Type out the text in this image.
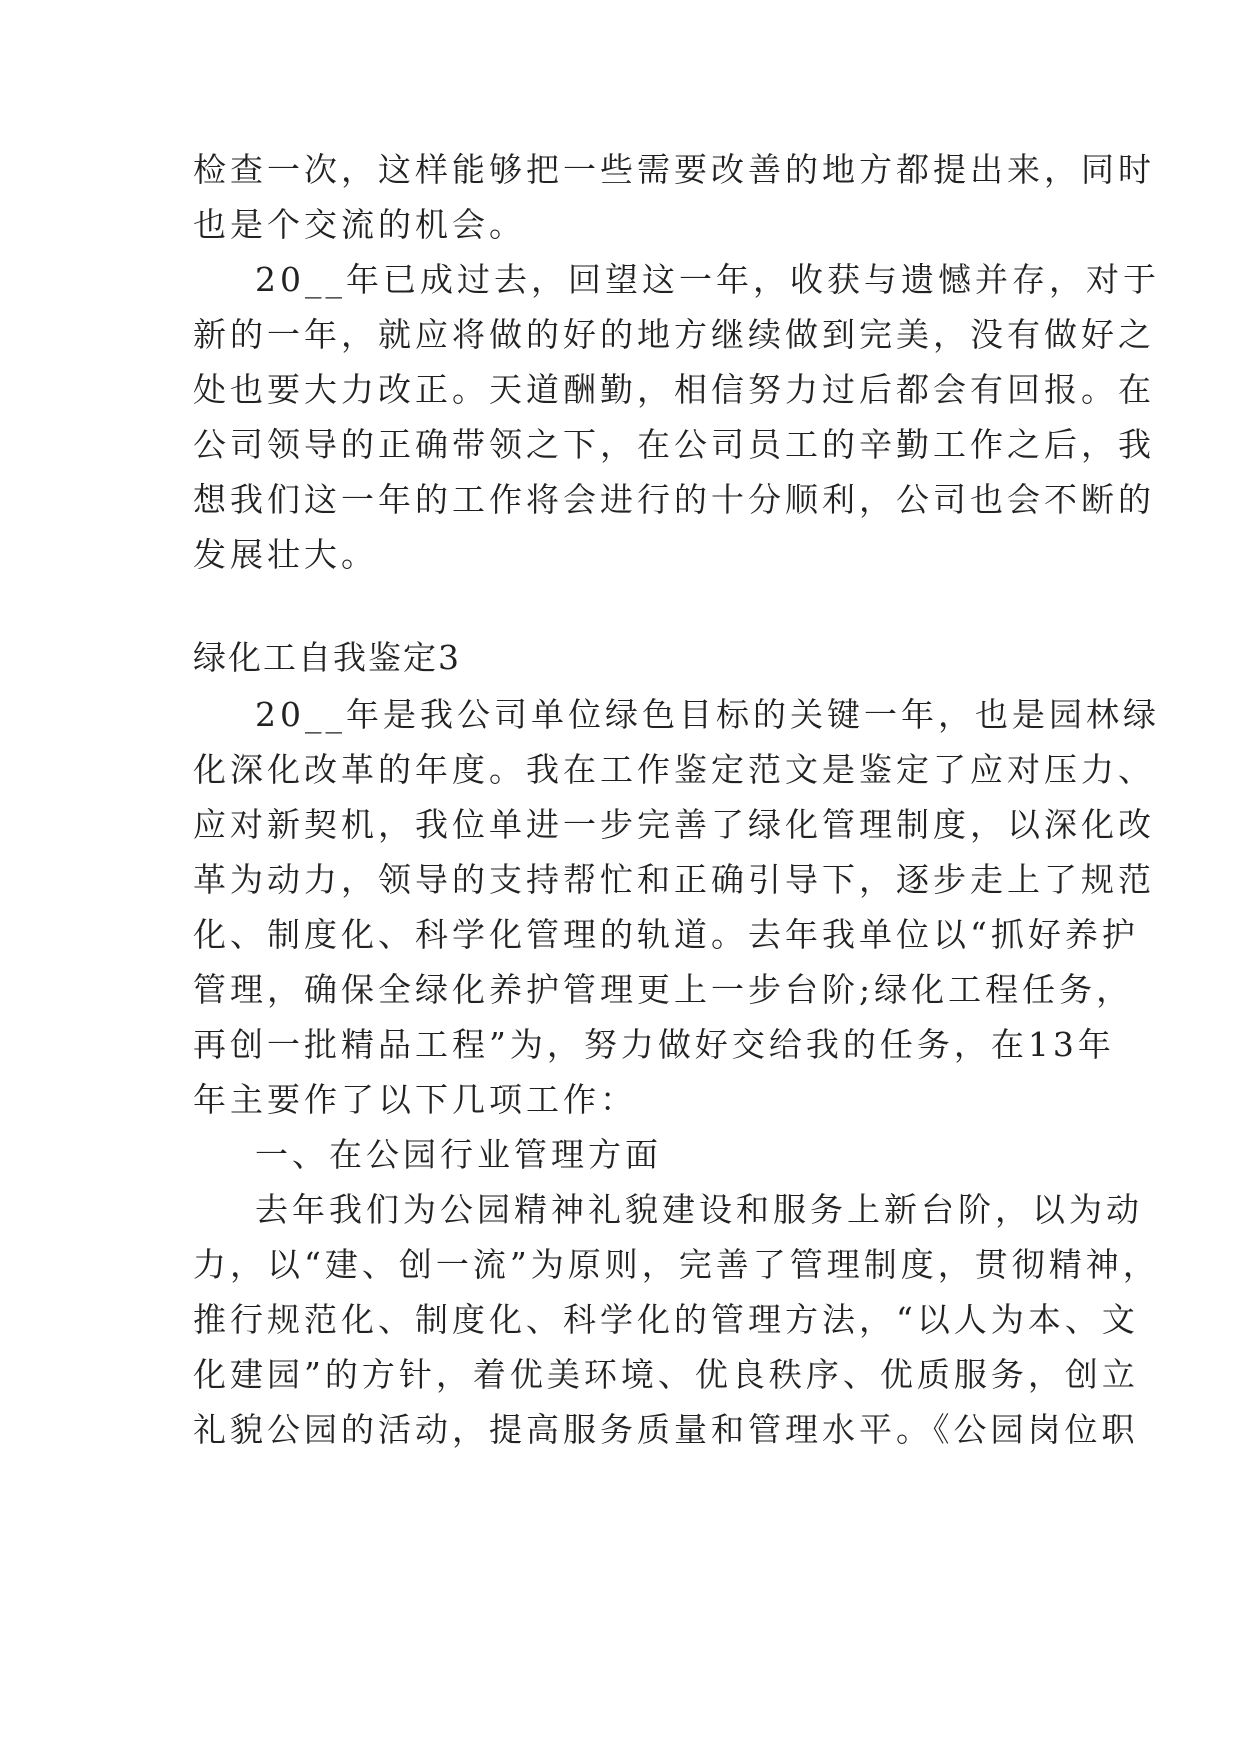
检查一次，这样能够把一些需要改善的地方都提出来，同时
也是个交流的机会。
20__年已成过去，回望这一年，收获与遗憾并存，对于
新的一年，就应将做的好的地方继续做到完美，没有做好之
处也要大力改正。天道酬勤，相信努力过后都会有回报。在
公司领导的正确带领之下，在公司员工的辛勤工作之后，我
想我们这一年的工作将会进行的十分顺利，公司也会不断的
发展壮大。
绿化工自我鉴定3
20__年是我公司单位绿色目标的关键一年，也是园林绿
化深化改革的年度。我在工作鉴定范文是鉴定了应对压力、
应对新契机，我位单进一步完善了绿化管理制度，以深化改
革为动力，领导的支持帮忙和正确引导下，逐步走上了规范
化、制度化、科学化管理的轨道。去年我单位以“抓好养护
管理，确保全绿化养护管理更上一步台阶;绿化工程任务，
再创一批精品工程”为，努力做好交给我的任务，在13年
年主要作了以下几项工作：
一、在公园行业管理方面
去年我们为公园精神礼貌建设和服务上新台阶，以为动
力，以“建、创一流”为原则，完善了管理制度，贯彻精神，
推行规范化、制度化、科学化的管理方法，“以人为本、文
化建园”的方针，着优美环境、优良秩序、优质服务，创立
礼貌公园的活动，提高服务质量和管理水平。《公园岗位职
